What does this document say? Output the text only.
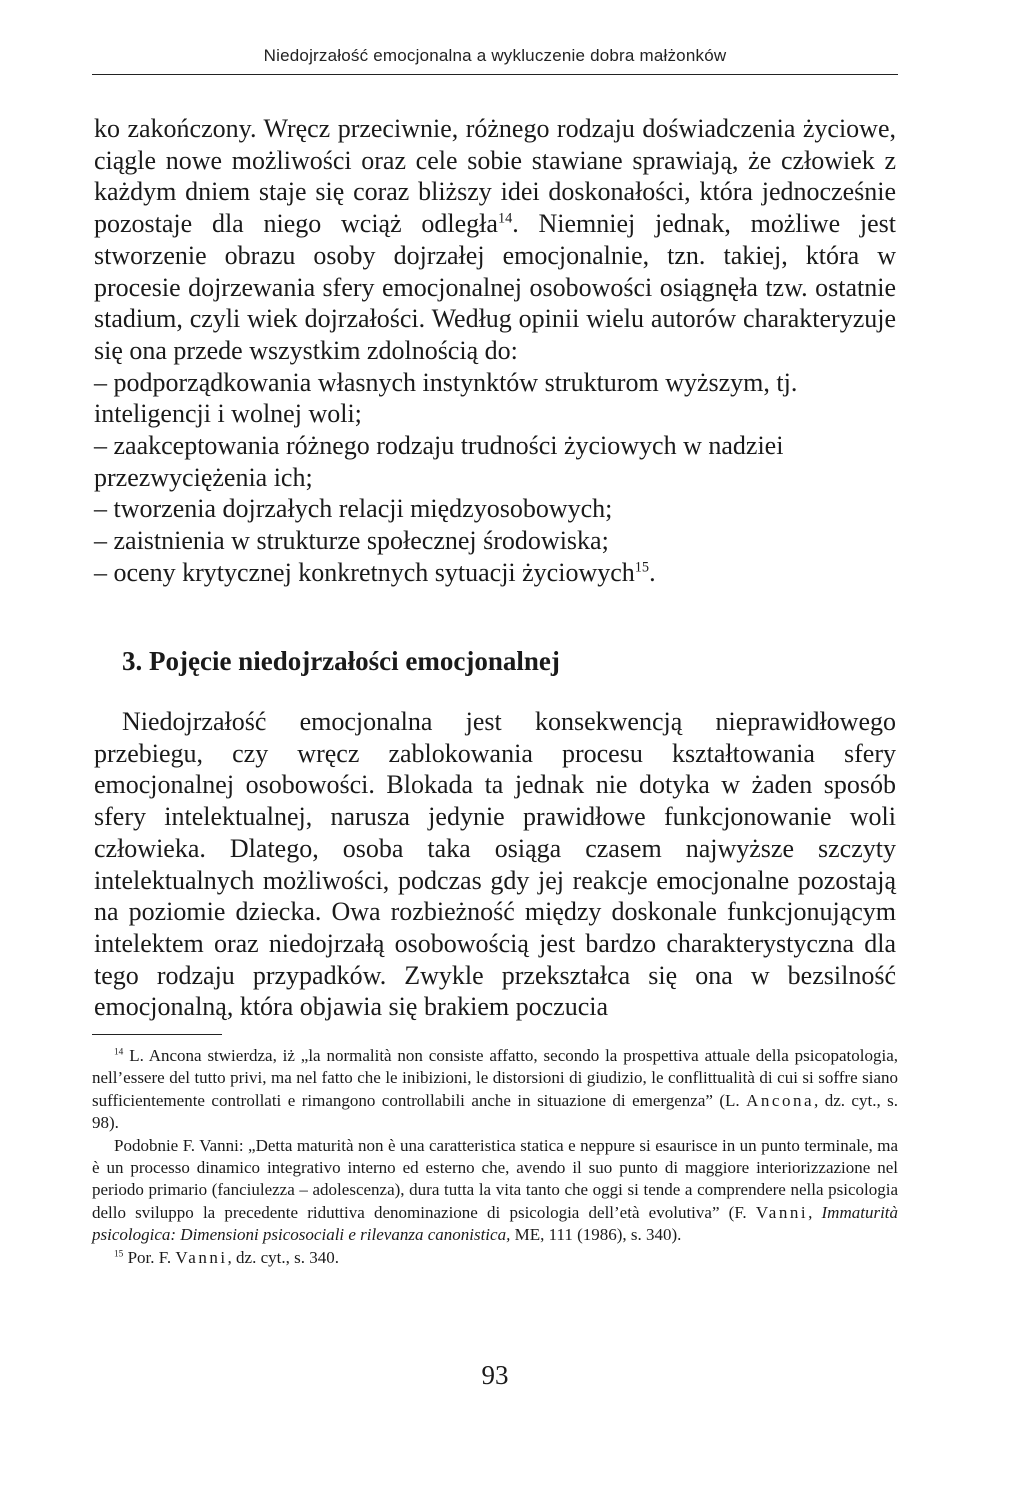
Niedojrzałość emocjonalna a wykluczenie dobra małżonków

ko zakończony. Wręcz przeciwnie, różnego rodzaju doświadczenia życiowe, ciągle nowe możliwości oraz cele sobie stawiane sprawiają, że człowiek z każdym dniem staje się coraz bliższy idei doskonałości, która jednocześnie pozostaje dla niego wciąż odległa$^{14}$. Niemniej jednak, możliwe jest stworzenie obrazu osoby dojrzałej emocjonalnie, tzn. takiej, która w procesie dojrzewania sfery emocjonalnej osobowości osiągnęła tzw. ostatnie stadium, czyli wiek dojrzałości. Według opinii wielu autorów charakteryzuje się ona przede wszystkim zdolnością do:

– podporządkowania własnych instynktów strukturom wyższym, tj. inteligencji i wolnej woli;
– zaakceptowania różnego rodzaju trudności życiowych w nadziei przezwyciężenia ich;
– tworzenia dojrzałych relacji międzyosobowych;
– zaistnienia w strukturze społecznej środowiska;
– oceny krytycznej konkretnych sytuacji życiowych$^{15}$.
3. Pojęcie niedojrzałości emocjonalnej

Niedojrzałość emocjonalna jest konsekwencją nieprawidłowego przebiegu, czy wręcz zablokowania procesu kształtowania sfery emocjonalnej osobowości. Blokada ta jednak nie dotyka w żaden sposób sfery intelektualnej, narusza jedynie prawidłowe funkcjonowanie woli człowieka. Dlatego, osoba taka osiąga czasem najwyższe szczyty intelektualnych możliwości, podczas gdy jej reakcje emocjonalne pozostają na poziomie dziecka. Owa rozbieżność między doskonale funkcjonującym intelektem oraz niedojrzałą osobowością jest bardzo charakterystyczna dla tego rodzaju przypadków. Zwykle przekształca się ona w bezsilność emocjonalną, która objawia się brakiem poczucia

$^{14}$ L. Ancona stwierdza, iż „la normalità non consiste affatto, secondo la prospettiva attuale della psicopatologia, nell’essere del tutto privi, ma nel fatto che le inibizioni, le distorsioni di giudizio, le conflittualità di cui si soffre siano sufficientemente controllati e rimangono controllabili anche in situazione di emergenza” (L. Ancona, dz. cyt., s. 98).

Podobnie F. Vanni: „Detta maturità non è una caratteristica statica e neppure si esaurisce in un punto terminale, ma è un processo dinamico integrativo interno ed esterno che, avendo il suo punto di maggiore interiorizzazione nel periodo primario (fanciulezza – adolescenza), dura tutta la vita tanto che oggi si tende a comprendere nella psicologia dello sviluppo la precedente riduttiva denominazione di psicologia dell’età evolutiva” (F. Vanni, Immaturità psicologica: Dimensioni psicosociali e rilevanza canonistica, ME, 111 (1986), s. 340).

$^{15}$ Por. F. Vanni, dz. cyt., s. 340.

93
